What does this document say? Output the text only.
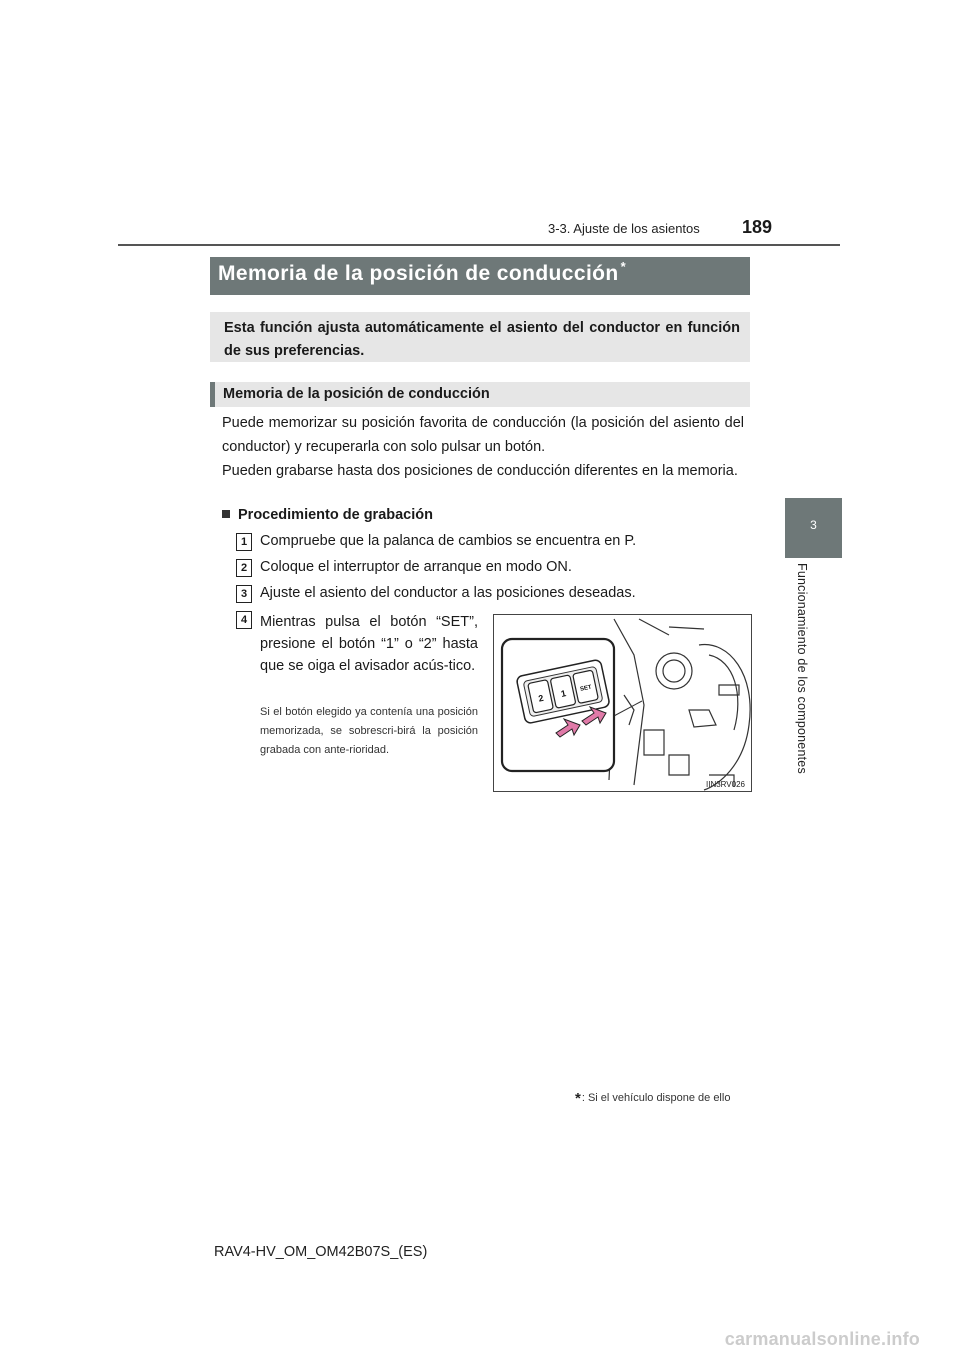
3-3. Ajuste de los asientos 189
3
Funcionamiento de los componentes
Memoria de la posición de conducción *
Esta función ajusta automáticamente el asiento del conductor en función de sus preferencias.
Memoria de la posición de conducción
Puede memorizar su posición favorita de conducción (la posición del asiento del conductor) y recuperarla con solo pulsar un botón.
Pueden grabarse hasta dos posiciones de conducción diferentes en la memoria.
Procedimiento de grabación
1 Compruebe que la palanca de cambios se encuentra en P.
2 Coloque el interruptor de arranque en modo ON.
3 Ajuste el asiento del conductor a las posiciones deseadas.
4 Mientras pulsa el botón “SET”, presione el botón “1” o “2” hasta que se oiga el avisador acús-tico.
Si el botón elegido ya contenía una posición memorizada, se sobrescri-birá la posición grabada con ante-rioridad.
2 1 SET
IIN3RV026
*: Si el vehículo dispone de ello
RAV4-HV_OM_OM42B07S_(ES)
carmanualsonline.info
